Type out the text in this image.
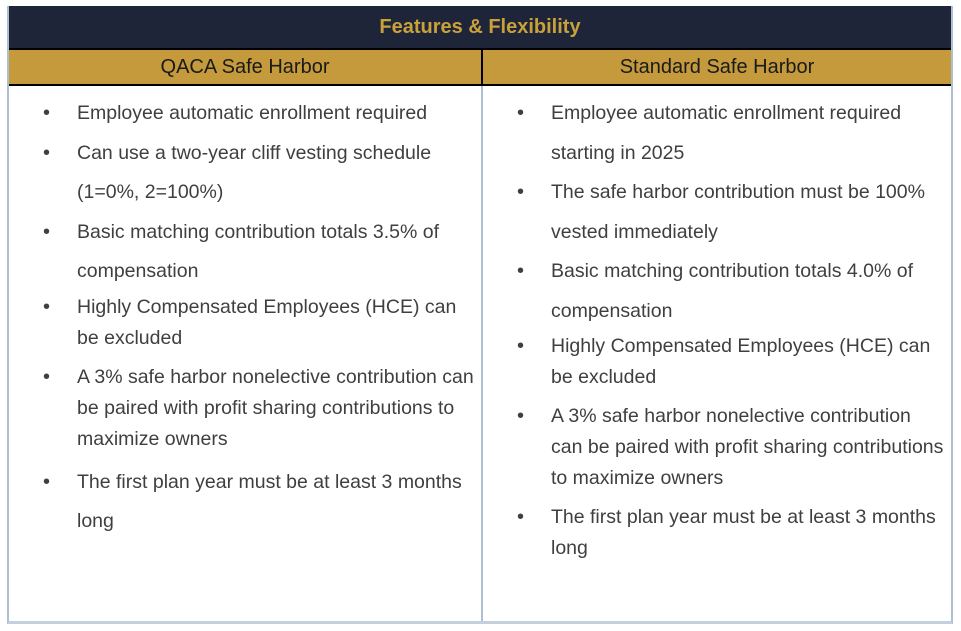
Features & Flexibility
QACA Safe Harbor	Standard Safe Harbor
• Employee automatic enrollment required
• Can use a two-year cliff vesting schedule (1=0%, 2=100%)
• Basic matching contribution totals 3.5% of compensation
• Highly Compensated Employees (HCE) can be excluded
• A 3% safe harbor nonelective contribution can be paired with profit sharing contributions to maximize owners
• The first plan year must be at least 3 months long
• Employee automatic enrollment required starting in 2025
• The safe harbor contribution must be 100% vested immediately
• Basic matching contribution totals 4.0% of compensation
• Highly Compensated Employees (HCE) can be excluded
• A 3% safe harbor nonelective contribution can be paired with profit sharing contributions to maximize owners
• The first plan year must be at least 3 months long
